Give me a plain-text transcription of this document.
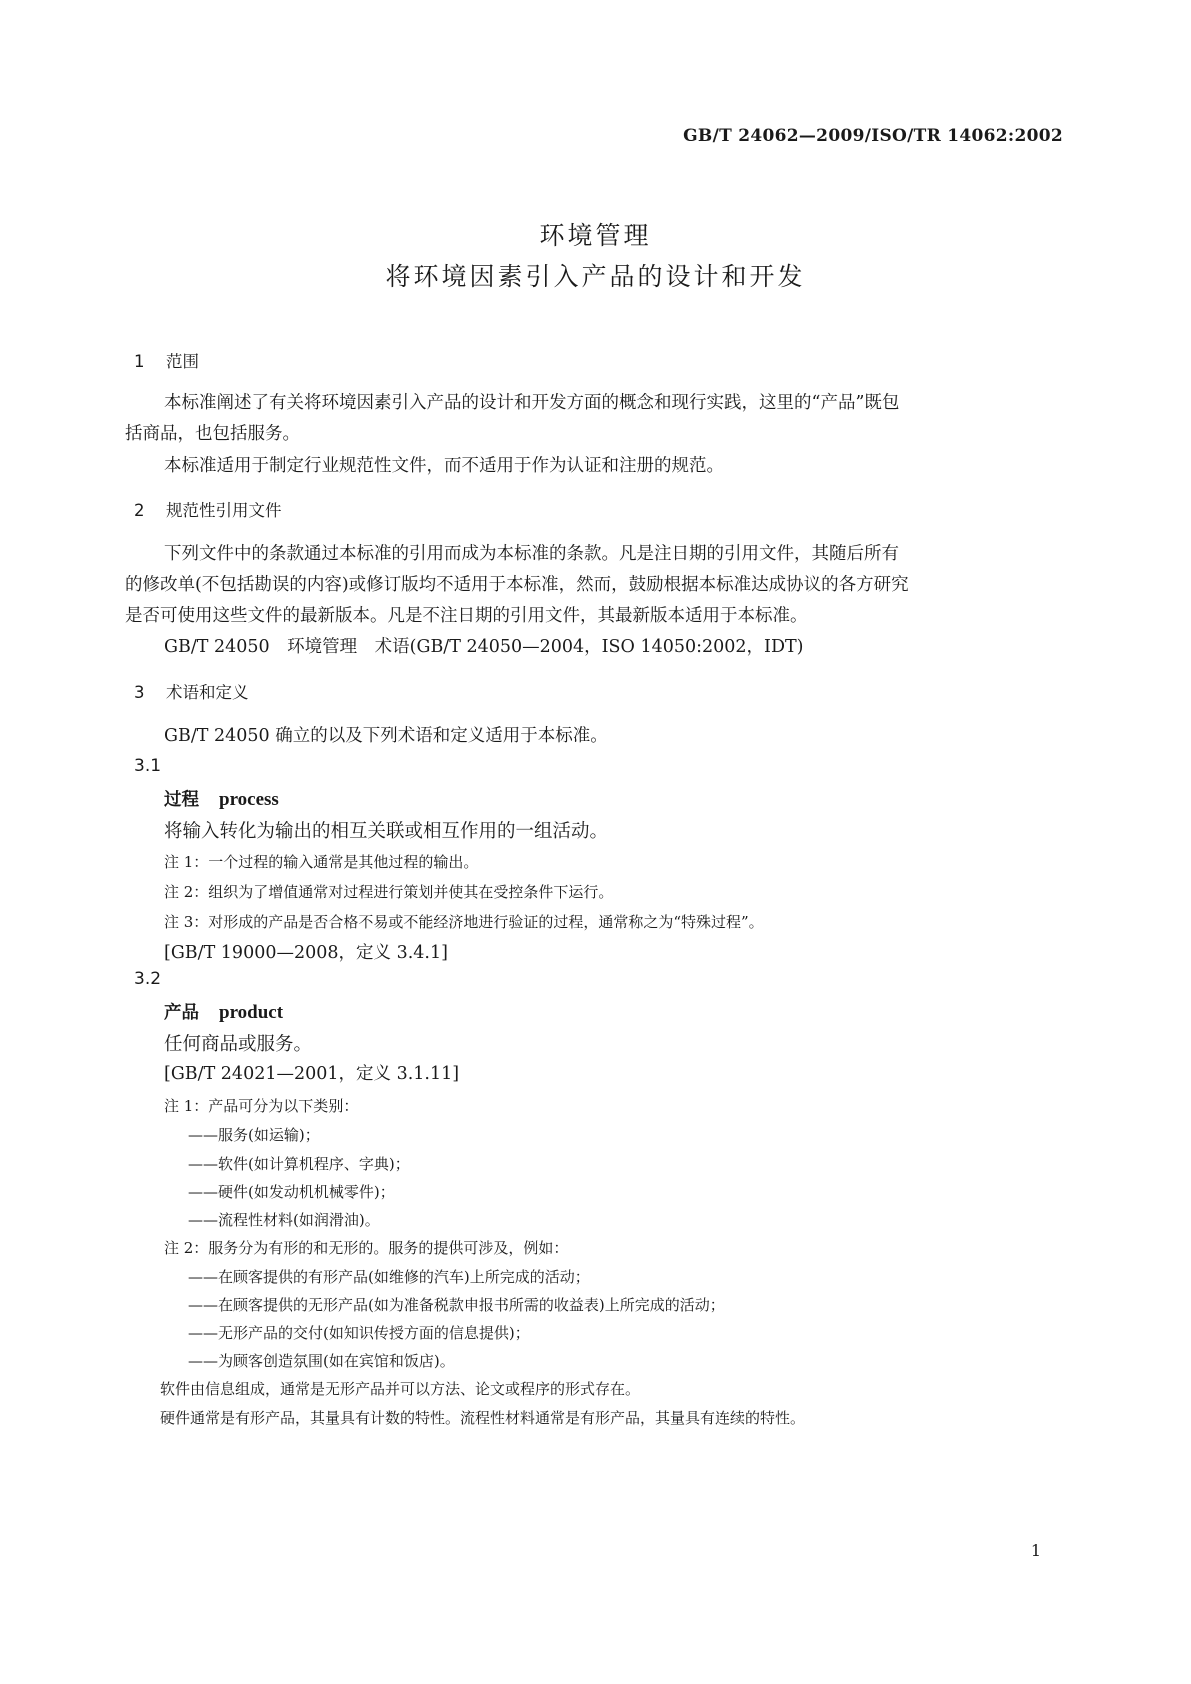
GB/T 24062—2009/ISO/TR 14062:2002
环境管理
将环境因素引入产品的设计和开发
1 范围
本标准阐述了有关将环境因素引入产品的设计和开发方面的概念和现行实践，这里的“产品”既包
括商品，也包括服务。
本标准适用于制定行业规范性文件，而不适用于作为认证和注册的规范。
2 规范性引用文件
下列文件中的条款通过本标准的引用而成为本标准的条款。凡是注日期的引用文件，其随后所有
的修改单(不包括勘误的内容)或修订版均不适用于本标准，然而，鼓励根据本标准达成协议的各方研究
是否可使用这些文件的最新版本。凡是不注日期的引用文件，其最新版本适用于本标准。
GB/T 24050　环境管理　术语(GB/T 24050—2004，ISO 14050:2002，IDT)
3 术语和定义
GB/T 24050 确立的以及下列术语和定义适用于本标准。
3.1
过程 process
将输入转化为输出的相互关联或相互作用的一组活动。
注 1：一个过程的输入通常是其他过程的输出。
注 2：组织为了增值通常对过程进行策划并使其在受控条件下运行。
注 3：对形成的产品是否合格不易或不能经济地进行验证的过程，通常称之为“特殊过程”。
[GB/T 19000—2008，定义 3.4.1]
3.2
产品 product
任何商品或服务。
[GB/T 24021—2001，定义 3.1.11]
注 1：产品可分为以下类别：
——服务(如运输)；
——软件(如计算机程序、字典)；
——硬件(如发动机机械零件)；
——流程性材料(如润滑油)。
注 2：服务分为有形的和无形的。服务的提供可涉及，例如：
——在顾客提供的有形产品(如维修的汽车)上所完成的活动；
——在顾客提供的无形产品(如为准备税款申报书所需的收益表)上所完成的活动；
——无形产品的交付(如知识传授方面的信息提供)；
——为顾客创造氛围(如在宾馆和饭店)。
软件由信息组成，通常是无形产品并可以方法、论文或程序的形式存在。
硬件通常是有形产品，其量具有计数的特性。流程性材料通常是有形产品，其量具有连续的特性。
1
